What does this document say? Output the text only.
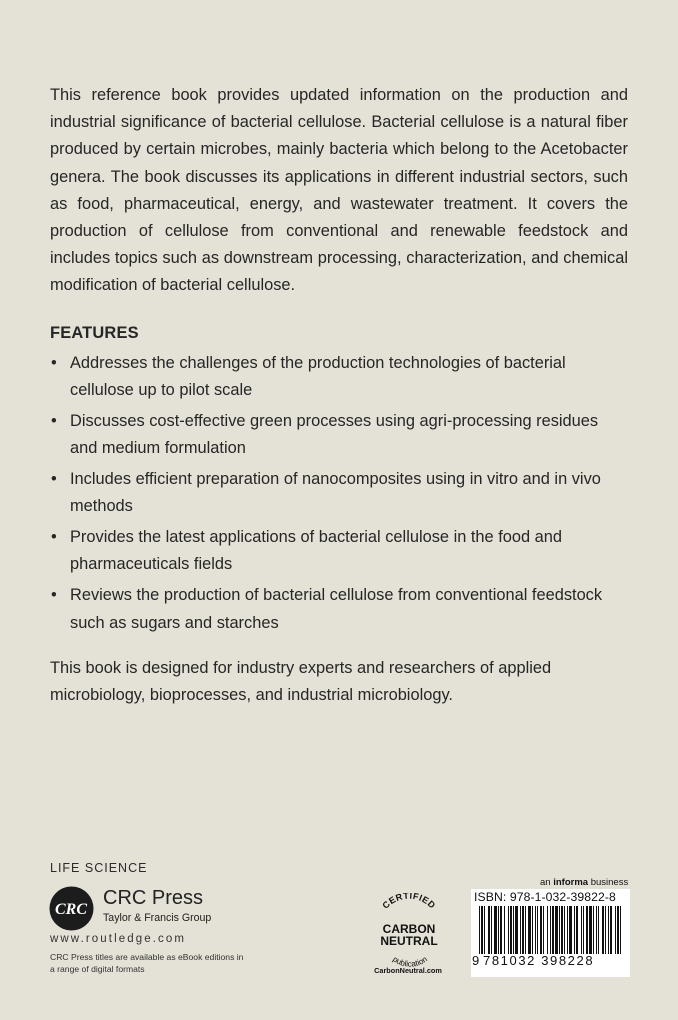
This reference book provides updated information on the production and industrial significance of bacterial cellulose. Bacterial cellulose is a natural fiber produced by certain microbes, mainly bacteria which belong to the Acetobacter genera. The book discusses its applications in different industrial sectors, such as food, pharmaceutical, energy, and wastewater treatment. It covers the production of cellulose from conventional and renewable feedstock and includes topics such as downstream processing, characterization, and chemical modification of bacterial cellulose.

FEATURES
• Addresses the challenges of the production technologies of bacterial cellulose up to pilot scale
• Discusses cost-effective green processes using agri-processing residues and medium formulation
• Includes efficient preparation of nanocomposites using in vitro and in vivo methods
• Provides the latest applications of bacterial cellulose in the food and pharmaceuticals fields
• Reviews the production of bacterial cellulose from conventional feedstock such as sugars and starches

This book is designed for industry experts and researchers of applied microbiology, bioprocesses, and industrial microbiology.

LIFE SCIENCE
CRC
CRC Press
Taylor & Francis Group
www.routledge.com
CRC Press titles are available as eBook editions in a range of digital formats
CERTIFIED
CARBON
NEUTRAL
publication
CarbonNeutral.com
an informa business
ISBN: 978-1-032-39822-8
9 781032 398228
